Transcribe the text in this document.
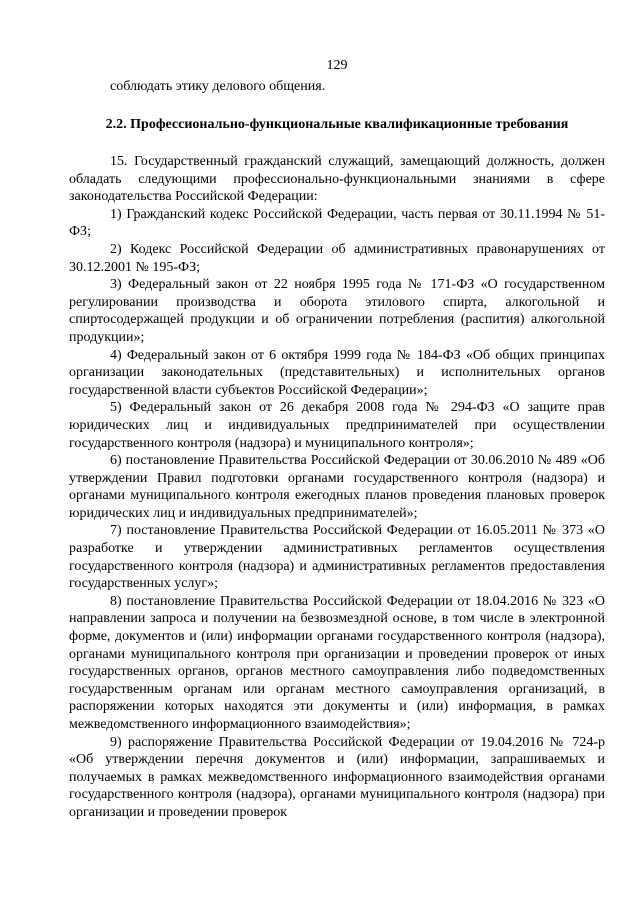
129
соблюдать этику делового общения.
2.2. Профессионально-функциональные квалификационные требования

15. Государственный гражданский служащий, замещающий должность, должен обладать следующими профессионально-функциональными знаниями в сфере законодательства Российской Федерации:

1) Гражданский кодекс Российской Федерации, часть первая от 30.11.1994 № 51-ФЗ;

2) Кодекс Российской Федерации об административных правонарушениях от 30.12.2001 № 195-ФЗ;

3) Федеральный закон от 22 ноября 1995 года № 171-ФЗ «О государственном регулировании производства и оборота этилового спирта, алкогольной и спиртосодержащей продукции и об ограничении потребления (распития) алкогольной продукции»;

4) Федеральный закон от 6 октября 1999 года № 184-ФЗ «Об общих принципах организации законодательных (представительных) и исполнительных органов государственной власти субъектов Российской Федерации»;

5) Федеральный закон от 26 декабря 2008 года № 294-ФЗ «О защите прав юридических лиц и индивидуальных предпринимателей при осуществлении государственного контроля (надзора) и муниципального контроля»;

6) постановление Правительства Российской Федерации от 30.06.2010 № 489 «Об утверждении Правил подготовки органами государственного контроля (надзора) и органами муниципального контроля ежегодных планов проведения плановых проверок юридических лиц и индивидуальных предпринимателей»;

7) постановление Правительства Российской Федерации от 16.05.2011 № 373 «О разработке и утверждении административных регламентов осуществления государственного контроля (надзора) и административных регламентов предоставления государственных услуг»;

8) постановление Правительства Российской Федерации от 18.04.2016 № 323 «О направлении запроса и получении на безвозмездной основе, в том числе в электронной форме, документов и (или) информации органами государственного контроля (надзора), органами муниципального контроля при организации и проведении проверок от иных государственных органов, органов местного самоуправления либо подведомственных государственным органам или органам местного самоуправления организаций, в распоряжении которых находятся эти документы и (или) информация, в рамках межведомственного информационного взаимодействия»;

9) распоряжение Правительства Российской Федерации от 19.04.2016 № 724-р «Об утверждении перечня документов и (или) информации, запрашиваемых и получаемых в рамках межведомственного информационного взаимодействия органами государственного контроля (надзора), органами муниципального контроля (надзора) при организации и проведении проверок
